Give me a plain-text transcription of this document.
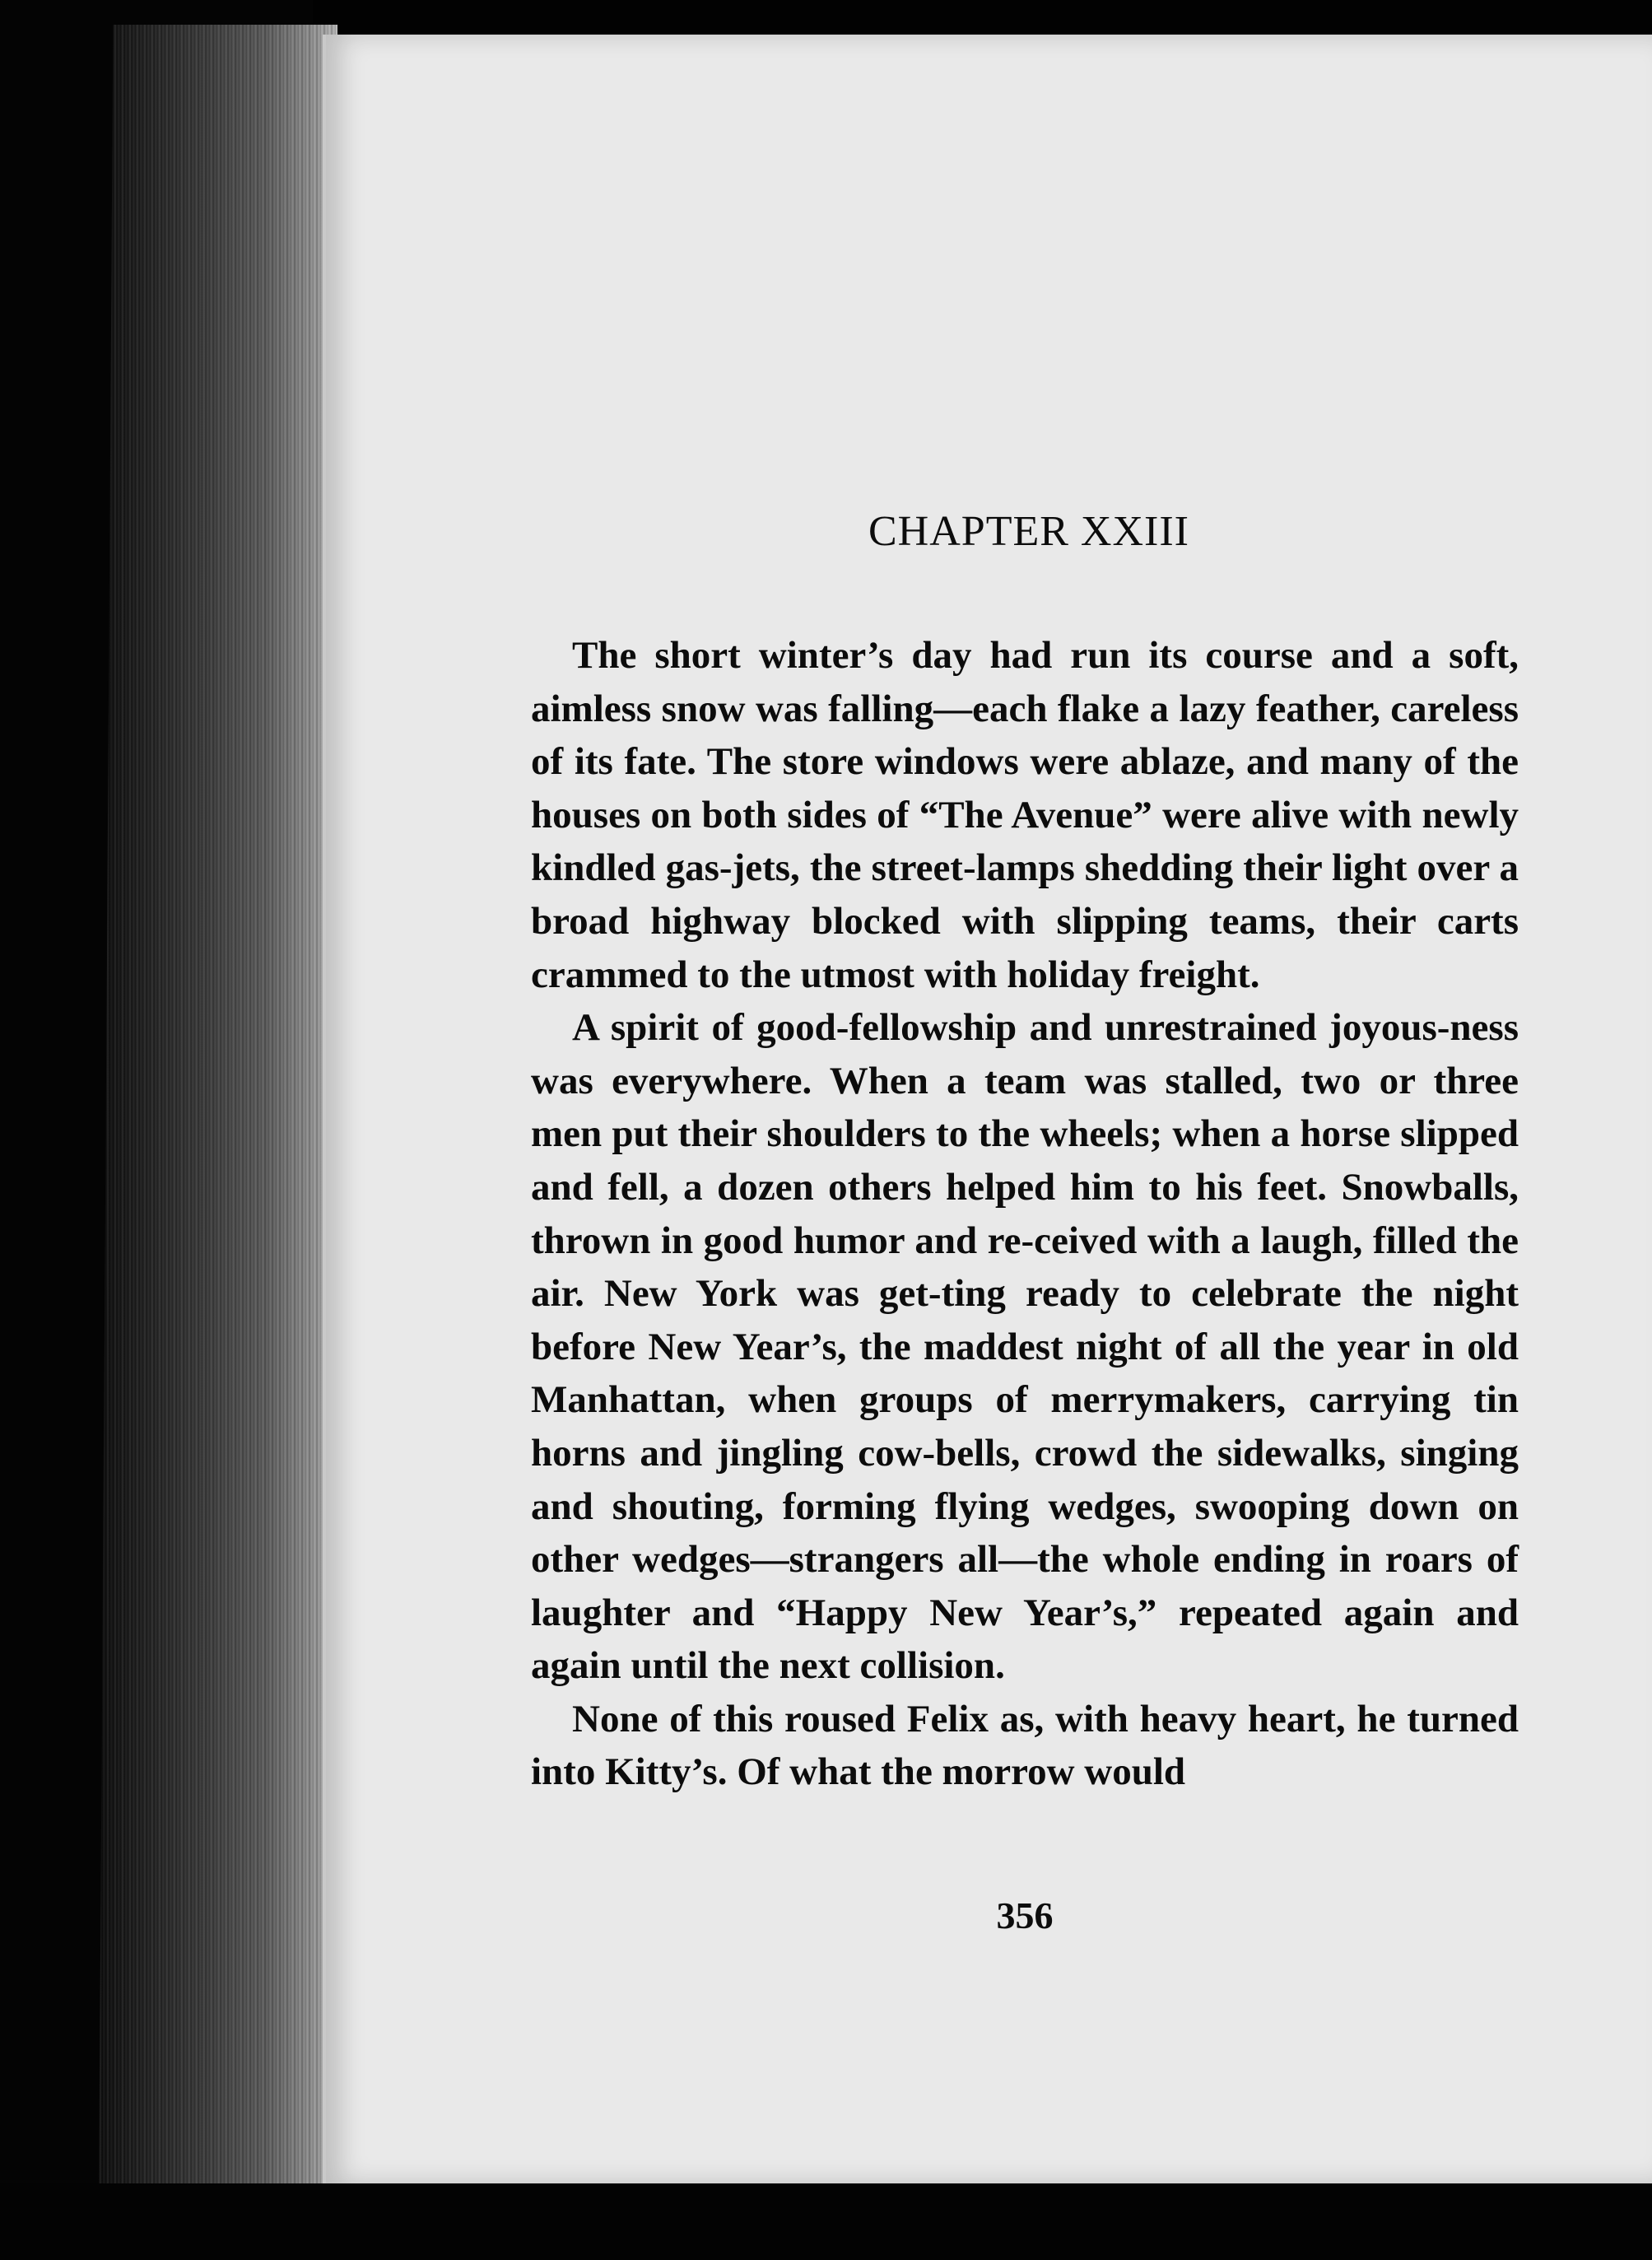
CHAPTER XXIII

The short winter’s day had run its course and a soft, aimless snow was falling—each flake a lazy feather, careless of its fate. The store windows were ablaze, and many of the houses on both sides of “The Avenue” were alive with newly kindled gas-jets, the street-lamps shedding their light over a broad highway blocked with slipping teams, their carts crammed to the utmost with holiday freight.

A spirit of good-fellowship and unrestrained joyous-ness was everywhere. When a team was stalled, two or three men put their shoulders to the wheels; when a horse slipped and fell, a dozen others helped him to his feet. Snowballs, thrown in good humor and re-ceived with a laugh, filled the air. New York was get-ting ready to celebrate the night before New Year’s, the maddest night of all the year in old Manhattan, when groups of merrymakers, carrying tin horns and jingling cow-bells, crowd the sidewalks, singing and shouting, forming flying wedges, swooping down on other wedges—strangers all—the whole ending in roars of laughter and “Happy New Year’s,” repeated again and again until the next collision.

None of this roused Felix as, with heavy heart, he turned into Kitty’s. Of what the morrow would

356
